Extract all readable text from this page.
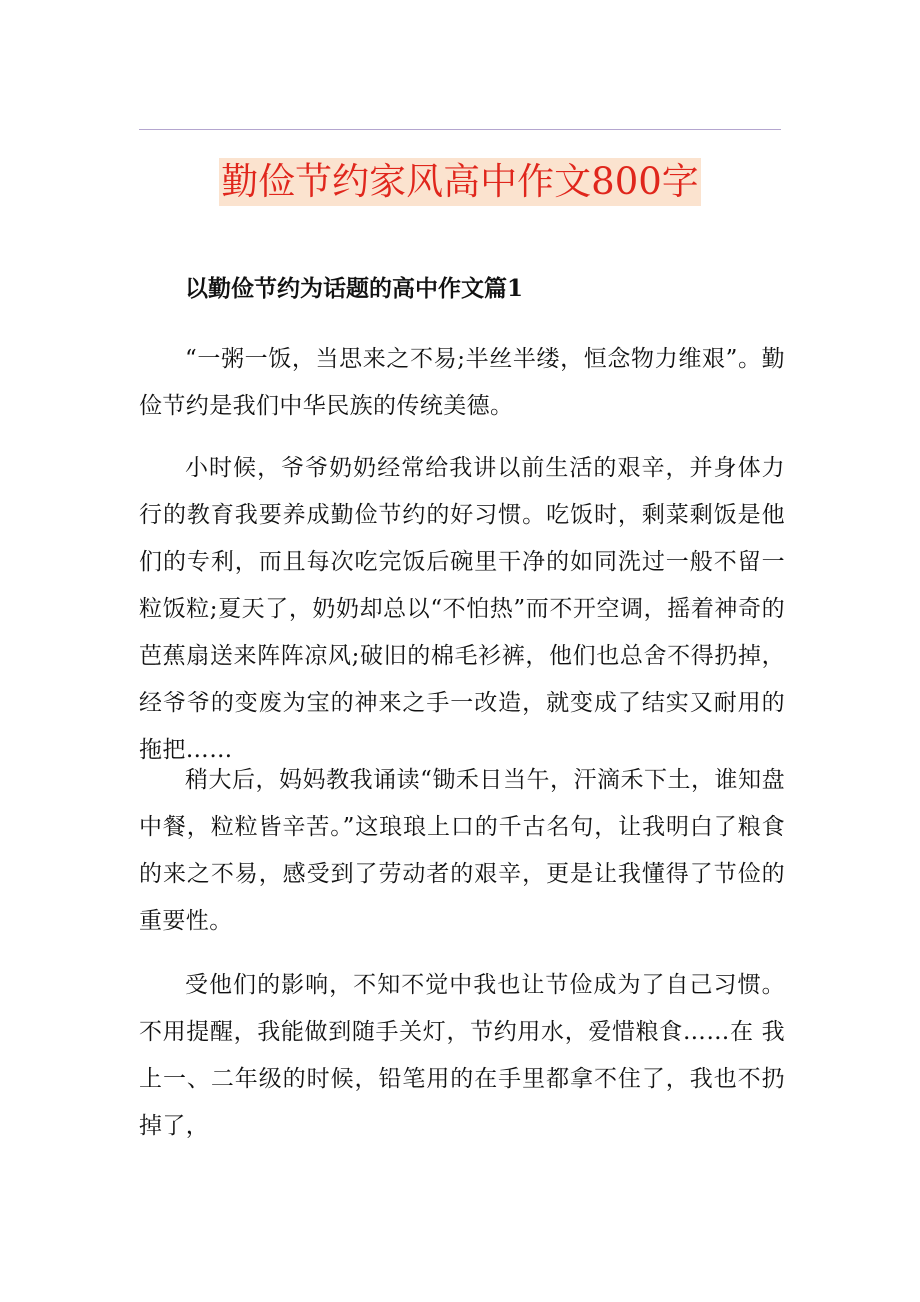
勤俭节约家风高中作文800字

以勤俭节约为话题的高中作文篇1

“一粥一饭，当思来之不易;半丝半缕，恒念物力维艰”。勤俭节约是我们中华民族的传统美德。

小时候，爷爷奶奶经常给我讲以前生活的艰辛，并身体力行的教育我要养成勤俭节约的好习惯。吃饭时，剩菜剩饭是他们的专利，而且每次吃完饭后碗里干净的如同洗过一般不留一粒饭粒;夏天了，奶奶却总以“不怕热”而不开空调，摇着神奇的芭蕉扇送来阵阵凉风;破旧的棉毛衫裤，他们也总舍不得扔掉，经爷爷的变废为宝的神来之手一改造，就变成了结实又耐用的拖把……

稍大后，妈妈教我诵读“锄禾日当午，汗滴禾下土，谁知盘中餐，粒粒皆辛苦。”这琅琅上口的千古名句，让我明白了粮食的来之不易，感受到了劳动者的艰辛，更是让我懂得了节俭的重要性。

受他们的影响，不知不觉中我也让节俭成为了自己习惯。不用提醒，我能做到随手关灯，节约用水，爱惜粮食……在 我上一、二年级的时候，铅笔用的在手里都拿不住了，我也不扔掉了，
